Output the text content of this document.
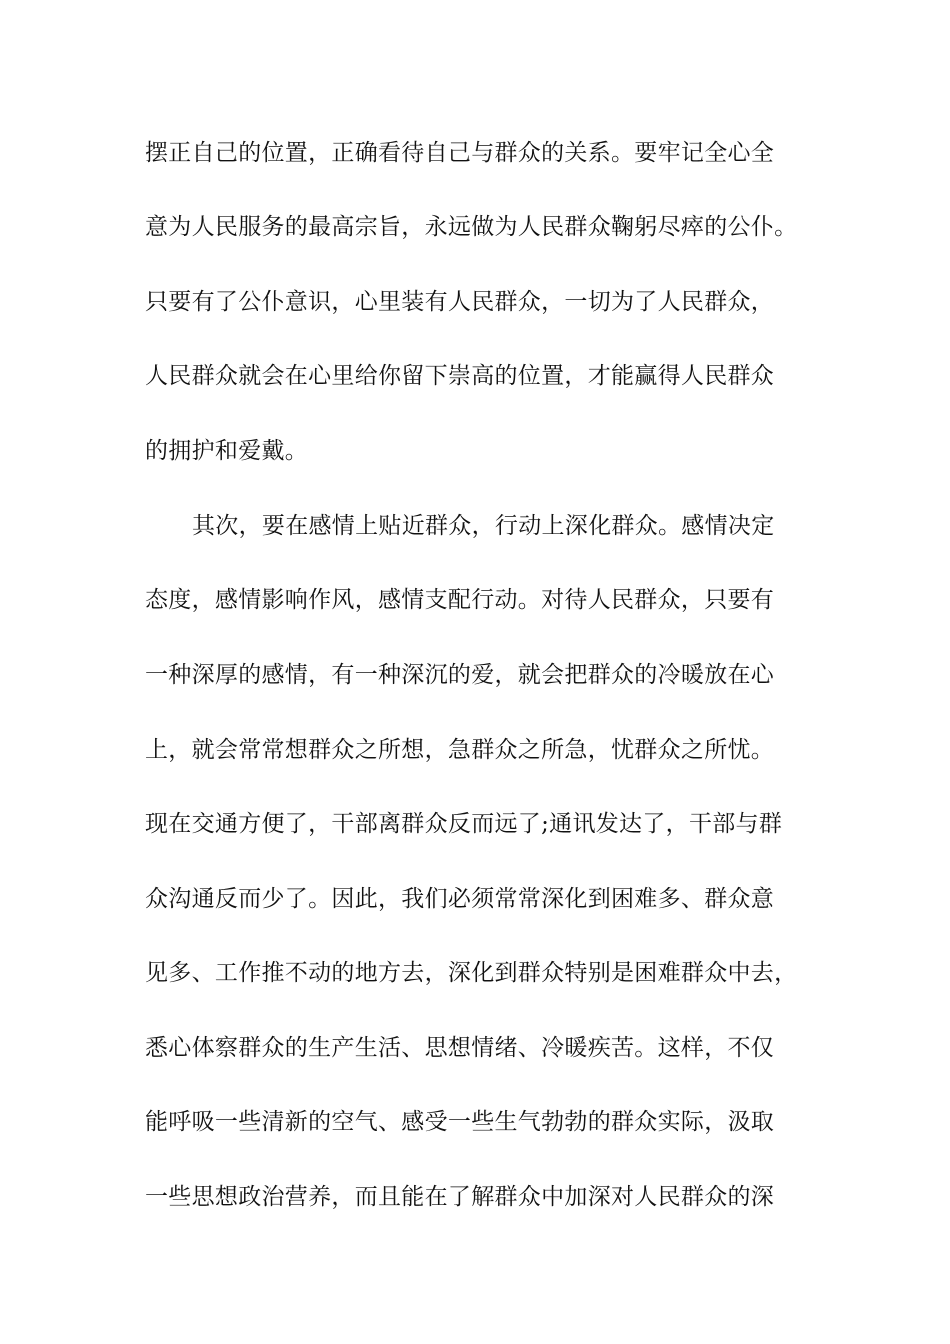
摆正自己的位置，正确看待自己与群众的关系。要牢记全心全
意为人民服务的最高宗旨，永远做为人民群众鞠躬尽瘁的公仆。
只要有了公仆意识，心里装有人民群众，一切为了人民群众，
人民群众就会在心里给你留下崇高的位置，才能赢得人民群众
的拥护和爱戴。
其次，要在感情上贴近群众，行动上深化群众。感情决定
态度，感情影响作风，感情支配行动。对待人民群众，只要有
一种深厚的感情，有一种深沉的爱，就会把群众的冷暖放在心
上，就会常常想群众之所想，急群众之所急，忧群众之所忧。
现在交通方便了，干部离群众反而远了;通讯发达了，干部与群
众沟通反而少了。因此，我们必须常常深化到困难多、群众意
见多、工作推不动的地方去，深化到群众特别是困难群众中去，
悉心体察群众的生产生活、思想情绪、冷暖疾苦。这样，不仅
能呼吸一些清新的空气、感受一些生气勃勃的群众实际，汲取
一些思想政治营养，而且能在了解群众中加深对人民群众的深
